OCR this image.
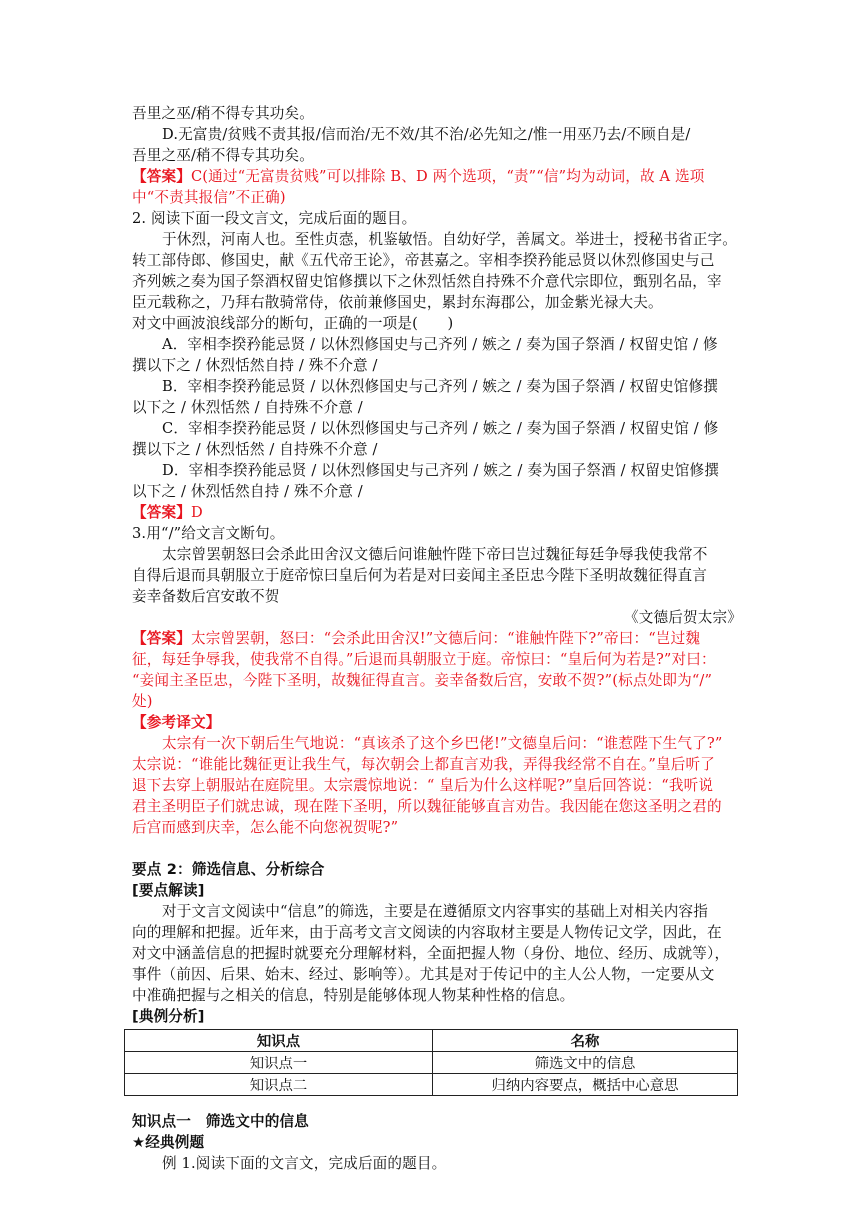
吾里之巫/稍不得专其功矣。
D.无富贵/贫贱不责其报/信而治/无不效/其不治/必先知之/惟一用巫乃去/不顾自是/
吾里之巫/稍不得专其功矣。
【答案】C(通过“无富贵贫贱”可以排除 B、D 两个选项，“责”“信”均为动词，故 A 选项
中“不责其报信”不正确)
2. 阅读下面一段文言文，完成后面的题目。
于休烈，河南人也。至性贞悫，机鉴敏悟。自幼好学，善属文。举进士，授秘书省正字。
转工部侍郎、修国史，献《五代帝王论》，帝甚嘉之。宰相李揆矜能忌贤以休烈修国史与己
齐列嫉之奏为国子祭酒权留史馆修撰以下之休烈恬然自持殊不介意代宗即位，甄别名品，宰
臣元载称之，乃拜右散骑常侍，依前兼修国史，累封东海郡公，加金紫光禄大夫。
对文中画波浪线部分的断句，正确的一项是(　　)
A．宰相李揆矜能忌贤 / 以休烈修国史与己齐列 / 嫉之 / 奏为国子祭酒 / 权留史馆 / 修
撰以下之 / 休烈恬然自持 / 殊不介意 /
B．宰相李揆矜能忌贤 / 以休烈修国史与己齐列 / 嫉之 / 奏为国子祭酒 / 权留史馆修撰
以下之 / 休烈恬然 / 自持殊不介意 /
C．宰相李揆矜能忌贤 / 以休烈修国史与己齐列 / 嫉之 / 奏为国子祭酒 / 权留史馆 / 修
撰以下之 / 休烈恬然 / 自持殊不介意 /
D．宰相李揆矜能忌贤 / 以休烈修国史与己齐列 / 嫉之 / 奏为国子祭酒 / 权留史馆修撰
以下之 / 休烈恬然自持 / 殊不介意 /
【答案】D
3.用“/”给文言文断句。
太宗曾罢朝怒曰会杀此田舍汉文德后问谁触忤陛下帝曰岂过魏征每廷争辱我使我常不
自得后退而具朝服立于庭帝惊曰皇后何为若是对曰妾闻主圣臣忠今陛下圣明故魏征得直言
妾幸备数后宫安敢不贺
《文德后贺太宗》
【答案】太宗曾罢朝，怒曰：“会杀此田舍汉!”文德后问：“谁触忤陛下?”帝曰：“岂过魏
征，每廷争辱我，使我常不自得。”后退而具朝服立于庭。帝惊曰：“皇后何为若是?”对曰：
“妾闻主圣臣忠，今陛下圣明，故魏征得直言。妾幸备数后宫，安敢不贺?”(标点处即为“/”
处)
【参考译文】
太宗有一次下朝后生气地说：“真该杀了这个乡巴佬!”文德皇后问：“谁惹陛下生气了?”
太宗说：“谁能比魏征更让我生气，每次朝会上都直言劝我，弄得我经常不自在。”皇后听了
退下去穿上朝服站在庭院里。太宗震惊地说：“ 皇后为什么这样呢?”皇后回答说：“我听说
君主圣明臣子们就忠诚，现在陛下圣明，所以魏征能够直言劝告。我因能在您这圣明之君的
后宫而感到庆幸，怎么能不向您祝贺呢?”
要点 2：筛选信息、分析综合
[要点解读]
对于文言文阅读中“信息”的筛选，主要是在遵循原文内容事实的基础上对相关内容指
向的理解和把握。近年来，由于高考文言文阅读的内容取材主要是人物传记文学，因此，在
对文中涵盖信息的把握时就要充分理解材料，全面把握人物（身份、地位、经历、成就等），
事件（前因、后果、始末、经过、影响等）。尤其是对于传记中的主人公人物，一定要从文
中准确把握与之相关的信息，特别是能够体现人物某种性格的信息。
[典例分析]
知识点	名称
知识点一	筛选文中的信息
知识点二	归纳内容要点，概括中心意思
知识点一　筛选文中的信息
★经典例题
例 1.阅读下面的文言文，完成后面的题目。
